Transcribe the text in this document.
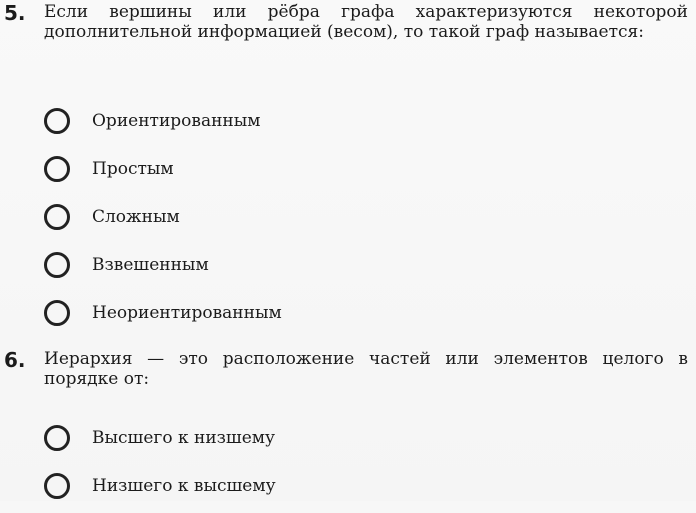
5. Если вершины или рёбра графа характеризуются некоторой дополнительной информацией (весом), то такой граф называется:
Ориентированным
Простым
Сложным
Взвешенным
Неориентированным
6. Иерархия — это расположение частей или элементов целого в порядке от:
Высшего к низшему
Низшего к высшему
